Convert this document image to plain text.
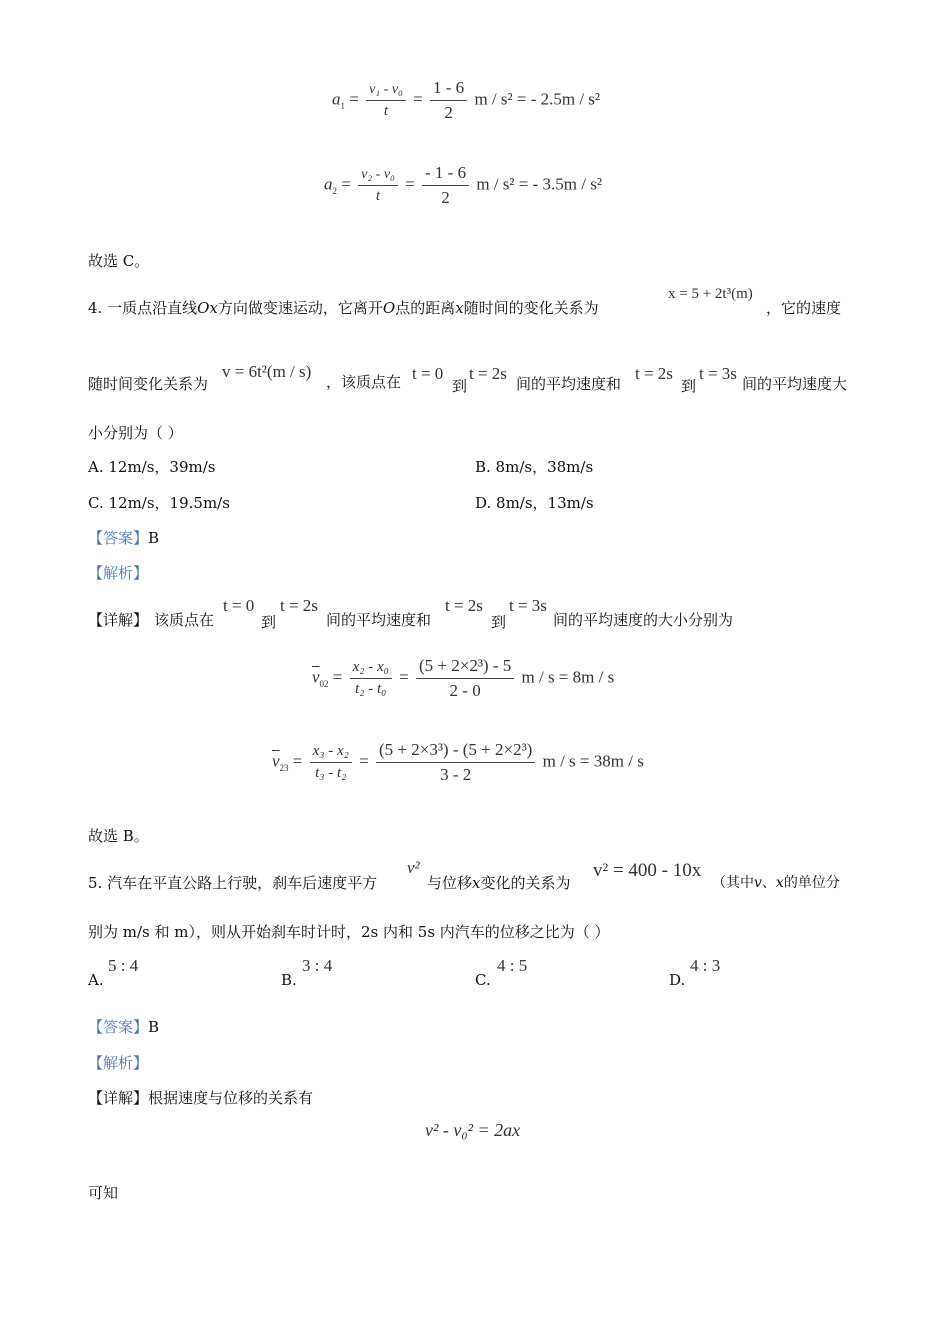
$a_1 = \frac{\text{v₁ - v₀}}{t} = \frac{1 - 6}{2}$ m / s² = - 2.5m / s²
$a_2 = \frac{\text{v₂ - v₀}}{t} = \frac{- 1 - 6}{2}$ m / s² = - 3.5m / s²
故选 C。
4. 一质点沿直线Ox方向做变速运动，它离开O点的距离x随时间的变化关系为
x = 5 + 2t³(m)
，它的速度
随时间变化关系为
v = 6t²(m / s)
，该质点在 t = 0
到
t = 2s
间的平均速度和
t = 2s
到
t = 3s
间的平均速度大
小分别为（ ）
A. 12m/s，39m/s	B. 8m/s，38m/s
C. 12m/s，19.5m/s	D. 8m/s，13m/s
【答案】B
【解析】
【详解】 该质点在
t = 0
到
t = 2s
间的平均速度和
t = 2s
到
t = 3s
间的平均速度的大小分别为
$\overline{v}_{02} = \frac{\text{x₂ - x₀}}{\text{t₂ - t₀}} = \frac{\text{(5 + 2×2³) - 5}}{2 - 0}$ m / s = 8m / s
$\overline{v}_{23} = \frac{\text{x₃ - x₂}}{\text{t₃ - t₂}} = \frac{\text{(5 + 2×3³) - (5 + 2×2³)}}{3 - 2}$ m / s = 38m / s
故选 B。
5. 汽车在平直公路上行驶，刹车后速度平方
v²
与位移x变化的关系为
v² = 400 - 10x
（其中v、x的单位分
别为 m/s 和 m），则从开始刹车时计时，2s 内和 5s 内汽车的位移之比为（ ）
A.
5 : 4
B.
3 : 4
C.
4 : 5
D.
4 : 3
【答案】B
【解析】
【详解】根据速度与位移的关系有
v² - v₀² = 2ax
可知
